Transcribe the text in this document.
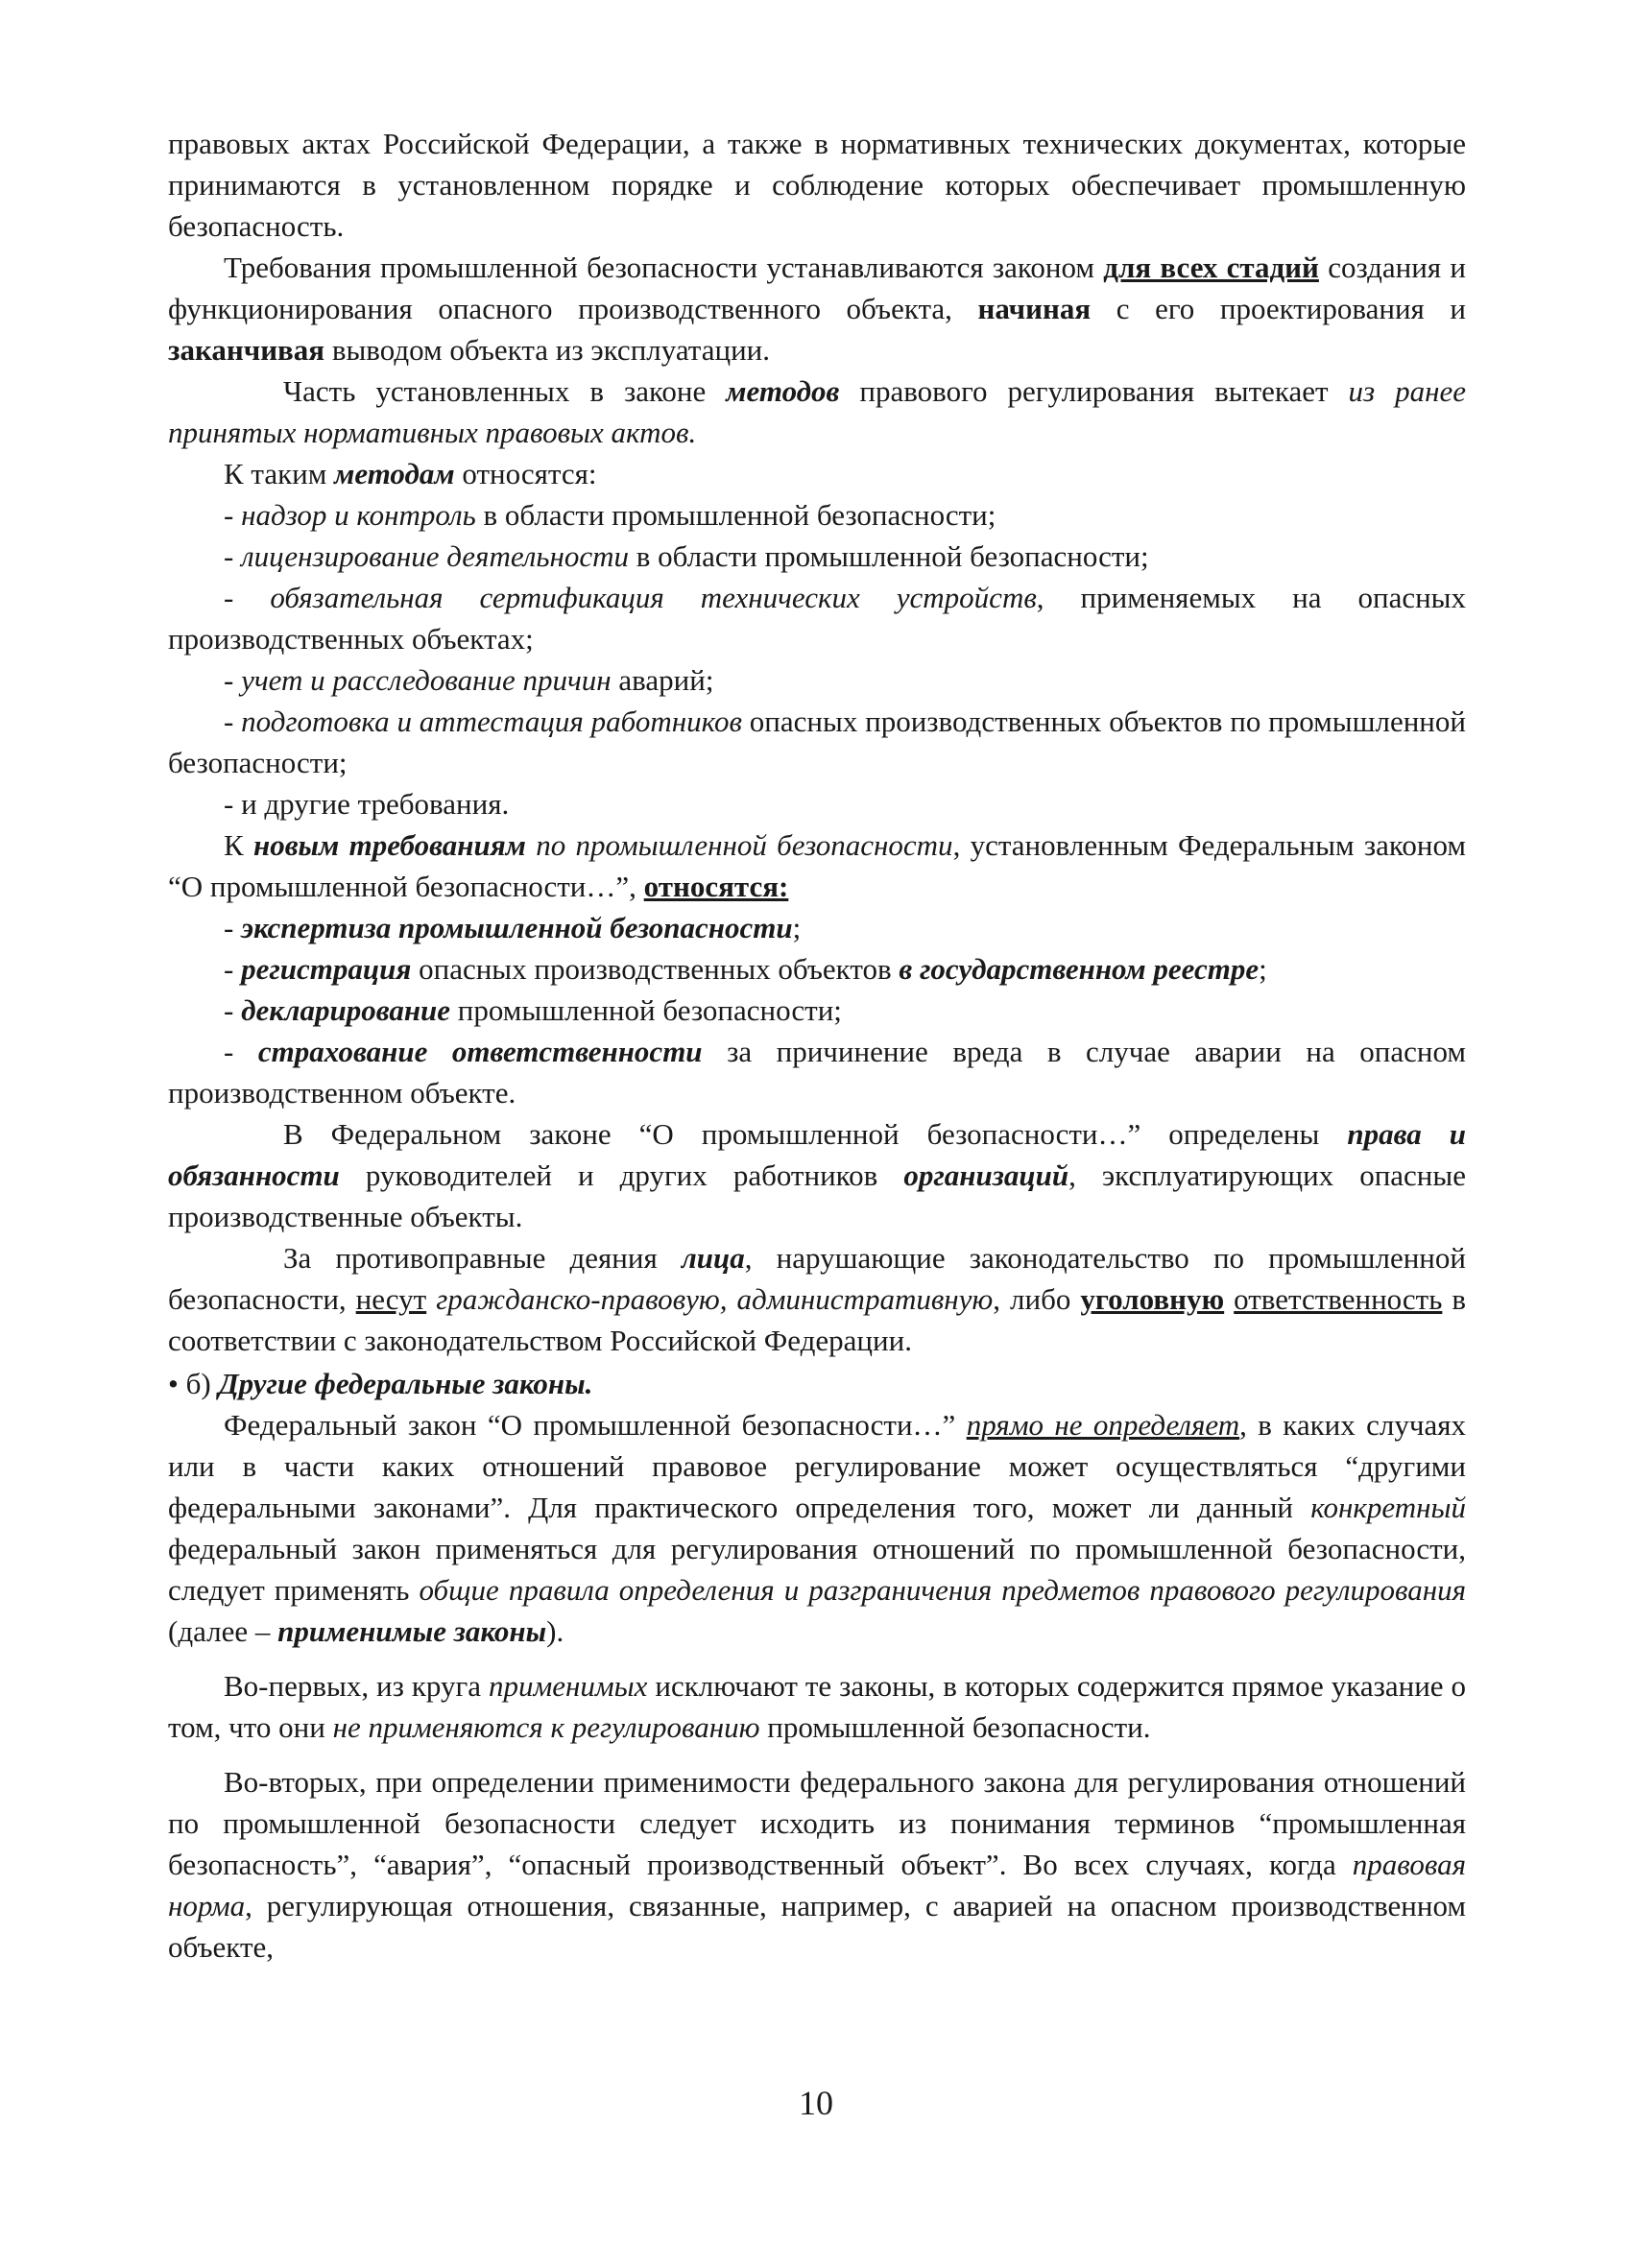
правовых актах Российской Федерации, а также в нормативных технических документах, которые принимаются в установленном порядке и соблюдение которых обеспечивает промышленную безопасность.

Требования промышленной безопасности устанавливаются законом для всех стадий создания и функционирования опасного производственного объекта, начиная с его проектирования и заканчивая выводом объекта из эксплуатации.

Часть установленных в законе методов правового регулирования вытекает из ранее принятых нормативных правовых актов.

К таким методам относятся:

- надзор и контроль в области промышленной безопасности;

- лицензирование деятельности в области промышленной безопасности;

- обязательная сертификация технических устройств, применяемых на опасных производственных объектах;

- учет и расследование причин аварий;

- подготовка и аттестация работников опасных производственных объектов по промышленной безопасности;

- и другие требования.

К новым требованиям по промышленной безопасности, установленным Федеральным законом “О промышленной безопасности…”, относятся:

- экспертиза промышленной безопасности;

- регистрация опасных производственных объектов в государственном реестре;

- декларирование промышленной безопасности;

- страхование ответственности за причинение вреда в случае аварии на опасном производственном объекте.

В Федеральном законе “О промышленной безопасности…” определены права и обязанности руководителей и других работников организаций, эксплуатирующих опасные производственные объекты.

За противоправные деяния лица, нарушающие законодательство по промышленной безопасности, несут гражданско-правовую, административную, либо уголовную ответственность в соответствии с законодательством Российской Федерации.

• б) Другие федеральные законы.

Федеральный закон “О промышленной безопасности…” прямо не определяет, в каких случаях или в части каких отношений правовое регулирование может осуществляться “другими федеральными законами”. Для практического определения того, может ли данный конкретный федеральный закон применяться для регулирования отношений по промышленной безопасности, следует применять общие правила определения и разграничения предметов правового регулирования (далее – применимые законы).

Во-первых, из круга применимых исключают те законы, в которых содержится прямое указание о том, что они не применяются к регулированию промышленной безопасности.

Во-вторых, при определении применимости федерального закона для регулирования отношений по промышленной безопасности следует исходить из понимания терминов “промышленная безопасность”, “авария”, “опасный производственный объект”. Во всех случаях, когда правовая норма, регулирующая отношения, связанные, например, с аварией на опасном производственном объекте,

10
